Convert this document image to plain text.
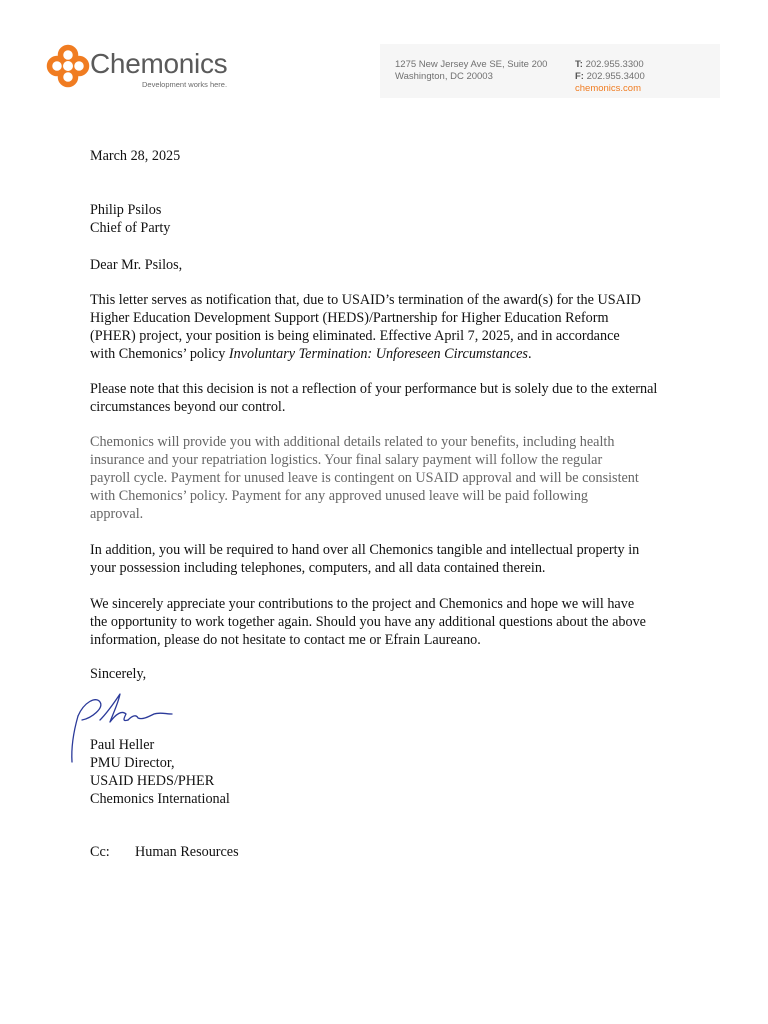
Chemonics
Development works here.
1275 New Jersey Ave SE, Suite 200
Washington, DC 20003
T: 202.955.3300
F: 202.955.3400
chemonics.com
March 28, 2025
Philip Psilos
Chief of Party
Dear Mr. Psilos,
This letter serves as notification that, due to USAID’s termination of the award(s) for the USAID
Higher Education Development Support (HEDS)/Partnership for Higher Education Reform
(PHER) project, your position is being eliminated. Effective April 7, 2025, and in accordance
with Chemonics’ policy Involuntary Termination: Unforeseen Circumstances.
Please note that this decision is not a reflection of your performance but is solely due to the external
circumstances beyond our control.
Chemonics will provide you with additional details related to your benefits, including health
insurance and your repatriation logistics. Your final salary payment will follow the regular
payroll cycle. Payment for unused leave is contingent on USAID approval and will be consistent
with Chemonics’ policy. Payment for any approved unused leave will be paid following
approval.
In addition, you will be required to hand over all Chemonics tangible and intellectual property in
your possession including telephones, computers, and all data contained therein.
We sincerely appreciate your contributions to the project and Chemonics and hope we will have
the opportunity to work together again. Should you have any additional questions about the above
information, please do not hesitate to contact me or Efrain Laureano.
Sincerely,
Paul Heller
PMU Director,
USAID HEDS/PHER
Chemonics International
Cc: Human Resources
